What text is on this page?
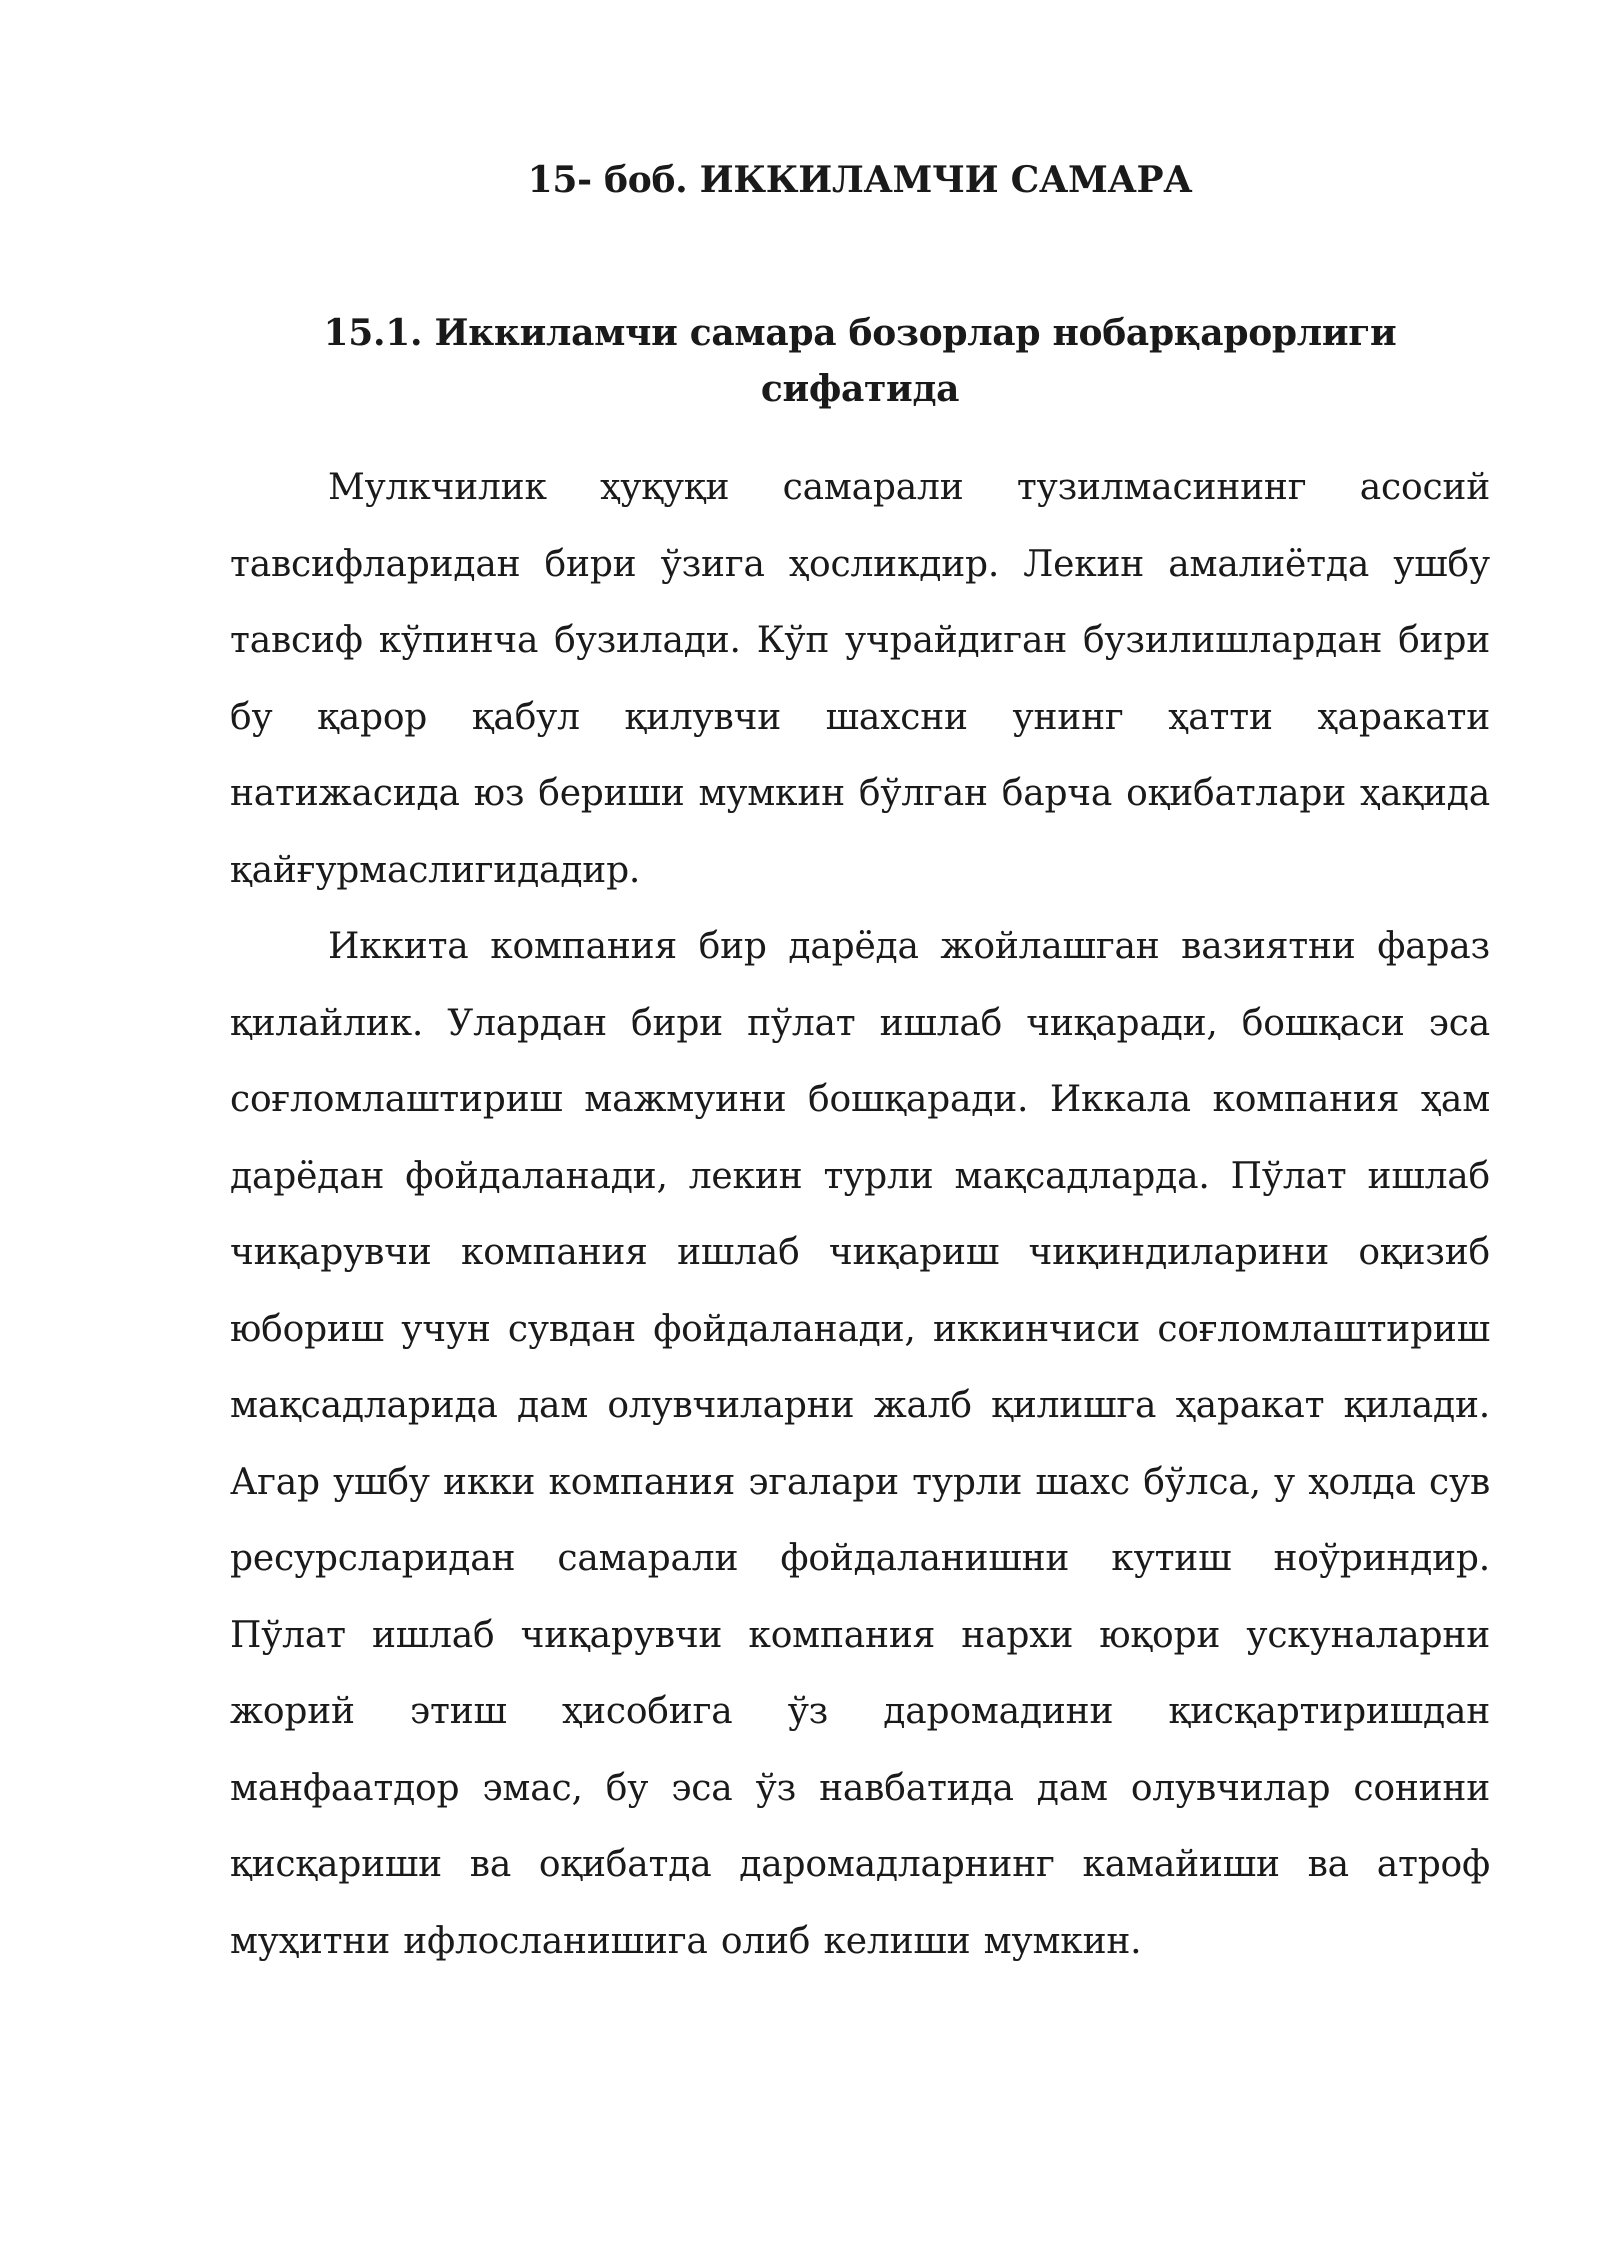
15- боб. ИККИЛАМЧИ САМАРА
15.1. Иккиламчи самара бозорлар нобарқарорлиги сифатида

Мулкчилик ҳуқуқи самарали тузилмасининг асосий тавсифларидан бири ўзига ҳосликдир. Лекин амалиётда ушбу тавсиф кўпинча бузилади. Кўп учрайдиган бузилишлардан бири бу қарор қабул қилувчи шахсни унинг ҳатти ҳаракати натижасида юз бериши мумкин бўлган барча оқибатлари ҳақида қайғурмаслигидадир.

Иккита компания бир дарёда жойлашган вазиятни фараз қилайлик. Улардан бири пўлат ишлаб чиқаради, бошқаси эса соғломлаштириш мажмуини бошқаради. Иккала компания ҳам дарёдан фойдаланади, лекин турли мақсадларда. Пўлат ишлаб чиқарувчи компания ишлаб чиқариш чиқиндиларини оқизиб юбориш учун сувдан фойдаланади, иккинчиси соғломлаштириш мақсадларида дам олувчиларни жалб қилишга ҳаракат қилади. Агар ушбу икки компания эгалари турли шахс бўлса, у ҳолда сув ресурсларидан самарали фойдаланишни кутиш ноўриндир. Пўлат ишлаб чиқарувчи компания нархи юқори ускуналарни жорий этиш ҳисобига ўз даромадини қисқартиришдан манфаатдор эмас, бу эса ўз навбатида дам олувчилар сонини қисқариши ва оқибатда даромадларнинг камайиши ва атроф муҳитни ифлосланишига олиб келиши мумкин.
